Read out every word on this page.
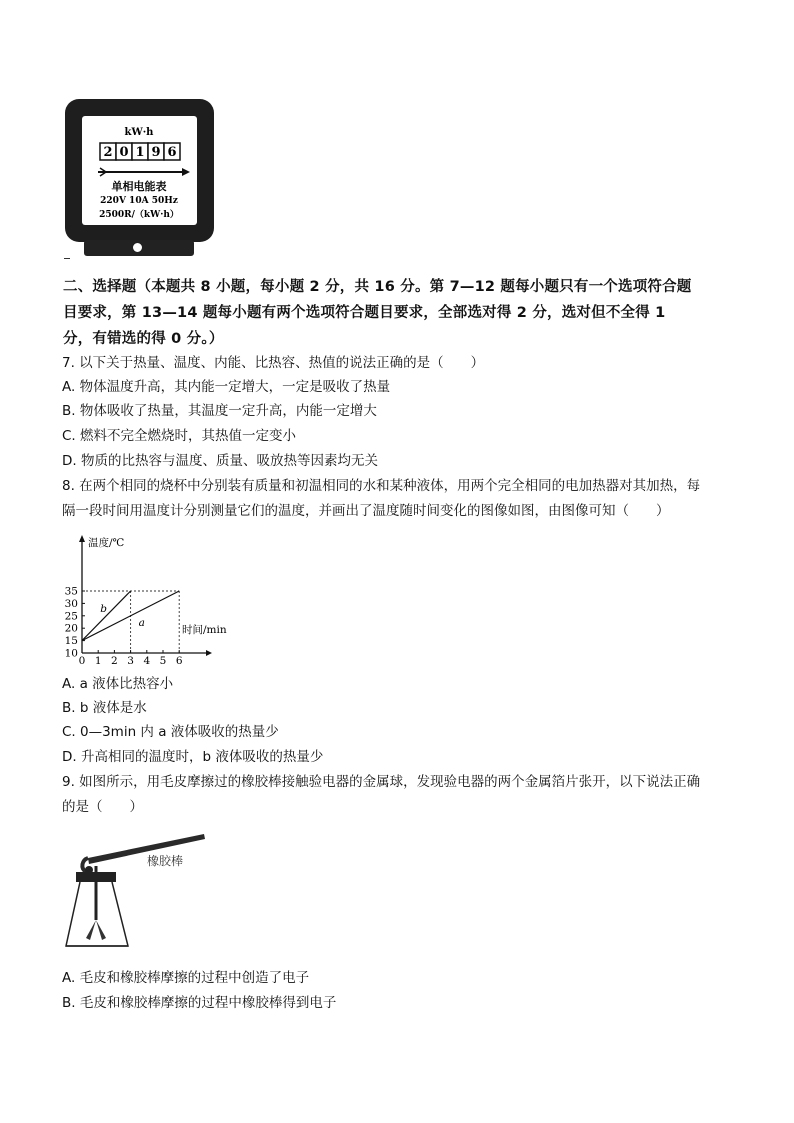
kW·h
2 0 1 9 6
单相电能表
220V 10A 50Hz
2500R/（kW·h）
二、选择题（本题共 8 小题，每小题 2 分，共 16 分。第 7—12 题每小题只有一个选项符合题
目要求，第 13—14 题每小题有两个选项符合题目要求，全部选对得 2 分，选对但不全得 1
分，有错选的得 0 分。）
7. 以下关于热量、温度、内能、比热容、热值的说法正确的是（　　）
A. 物体温度升高，其内能一定增大，一定是吸收了热量
B. 物体吸收了热量，其温度一定升高，内能一定增大
C. 燃料不完全燃烧时，其热值一定变小
D. 物质的比热容与温度、质量、吸放热等因素均无关
8. 在两个相同的烧杯中分别装有质量和初温相同的水和某种液体，用两个完全相同的电加热器对其加热，每
隔一段时间用温度计分别测量它们的温度，并画出了温度随时间变化的图像如图，由图像可知（　　）
b
a
0 1 2 3 4 5 6
10
15
20
25
30
35
温度/℃
时间/min
A. a 液体比热容小
B. b 液体是水
C. 0—3min 内 a 液体吸收的热量少
D. 升高相同的温度时，b 液体吸收的热量少
9. 如图所示，用毛皮摩擦过的橡胶棒接触验电器的金属球，发现验电器的两个金属箔片张开，以下说法正确
的是（　　）
橡胶棒
A. 毛皮和橡胶棒摩擦的过程中创造了电子
B. 毛皮和橡胶棒摩擦的过程中橡胶棒得到电子
